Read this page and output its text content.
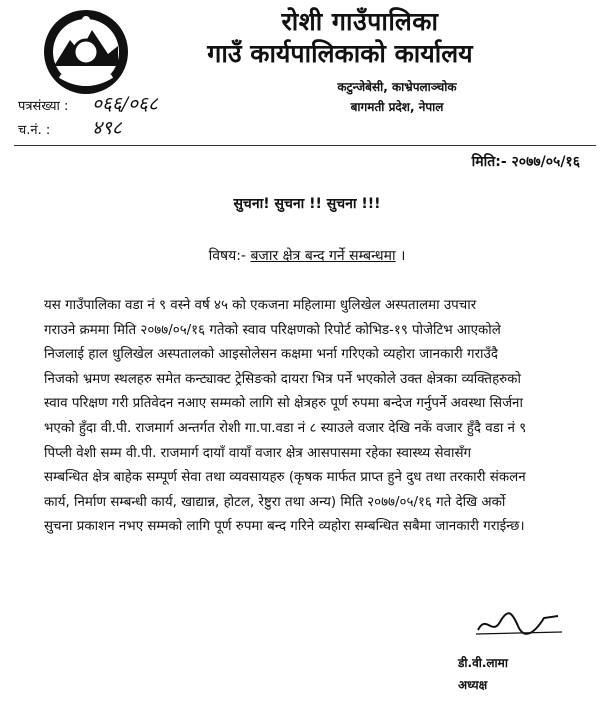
रोशी गाउँपालिका
गाउँ कार्यपालिकाको कार्यालय
कटुन्जेबेसी, काभ्रेपलाञ्चोक
बागमती प्रदेश, नेपाल
पत्रसंख्या : ०६६/०६८
च.नं. : ४९८
मिति:- २०७७/०५/१६
सुचना! सुचना !! सुचना !!!
विषय:- बजार क्षेत्र बन्द गर्ने सम्बन्धमा ।
यस गाउँपालिका वडा नं ९ वस्ने वर्ष ४५ को एकजना महिलामा धुलिखेल अस्पतालमा उपचार
गराउने क्रममा मिति २०७७/०५/१६ गतेको स्वाव परिक्षणको रिपोर्ट कोभिड-१९ पोजेटिभ आएकोले
निजलाई हाल धुलिखेल अस्पतालको आइसोलेसन कक्षमा भर्ना गरिएको व्यहोरा जानकारी गराउँदै
निजको भ्रमण स्थलहरु समेत कन्ट्याक्ट ट्रेसिङको दायरा भित्र पर्ने भएकोले उक्त क्षेत्रका व्यक्तिहरुको
स्वाव परिक्षण गरी प्रतिवेदन नआए सम्मको लागि सो क्षेत्रहरु पूर्ण रुपमा बन्देज गर्नुपर्ने अवस्था सिर्जना
भएको हुँदा वी.पी. राजमार्ग अन्तर्गत रोशी गा.पा.वडा नं ८ स्याउले वजार देखि नकें वजार हुँदै वडा नं ९
पिप्ली वेशी सम्म वी.पी. राजमार्ग दायाँ वायाँ वजार क्षेत्र आसपासमा रहेका स्वास्थ्य सेवासँग
सम्बन्धित क्षेत्र बाहेक सम्पूर्ण सेवा तथा व्यवसायहरु (कृषक मार्फत प्राप्त हुने दुध तथा तरकारी संकलन
कार्य, निर्माण सम्बन्धी कार्य, खाद्यान्न, होटल, रेष्टुरा तथा अन्य) मिति २०७७/०५/१६ गते देखि अर्को
सुचना प्रकाशन नभए सम्मको लागि पूर्ण रुपमा बन्द गरिने व्यहोरा सम्बन्धित सबैमा जानकारी गराईन्छ।
डी.वी.लामा
अध्यक्ष
